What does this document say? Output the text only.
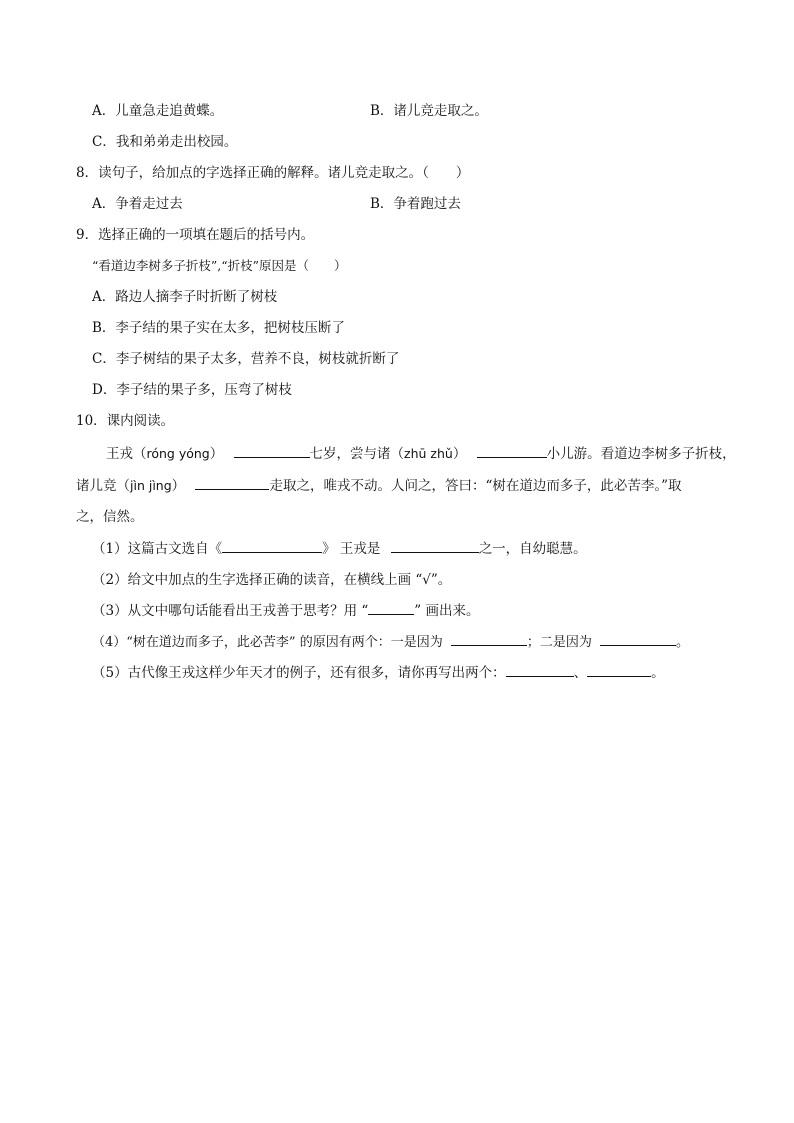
A．儿童急走追黄蝶。	B．诸儿竞走取之。
C．我和弟弟走出校园。
8．读句子，给加点的字选择正确的解释。诸儿竞走取之。（　　）
A．争着走过去	B．争着跑过去
9．选择正确的一项填在题后的括号内。
“看道边李树多子折枝”,“折枝”原因是（　　）
A．路边人摘李子时折断了树枝
B．李子结的果子实在太多，把树枝压断了
C．李子树结的果子太多，营养不良，树枝就折断了
D．李子结的果子多，压弯了树枝
10．课内阅读。
王戎（róng yóng）	七岁，尝与诸（zhū zhǔ）	小儿游。看道边李树多子折枝，
诸儿竞（jìn jìng）	走取之，唯戎不动。人问之，答曰：“树在道边而多子，此必苦李。”取
之，信然。
（1）这篇古文选自《	》 王戎是	之一，自幼聪慧。
（2）给文中加点的生字选择正确的读音，在横线上画 “√”。
（3）从文中哪句话能看出王戎善于思考？用 “	” 画出来。
（4）“树在道边而多子，此必苦李” 的原因有两个：一是因为	；二是因为	。
（5）古代像王戎这样少年天才的例子，还有很多，请你再写出两个：	、	。
